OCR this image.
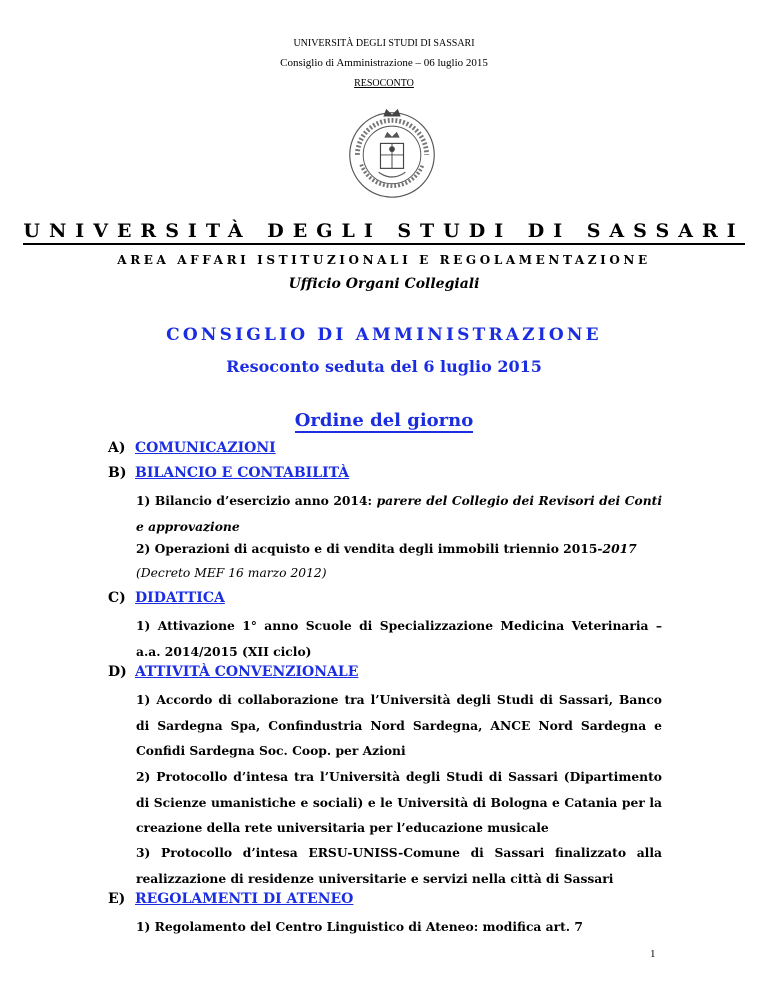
UNIVERSITÀ DEGLI STUDI DI SASSARI
Consiglio di Amministrazione – 06 luglio 2015
RESOCONTO
UNIVERSITÀ DEGLI STUDI DI SASSARI
AREA AFFARI ISTITUZIONALI E REGOLAMENTAZIONE
Ufficio Organi Collegiali
CONSIGLIO DI AMMINISTRAZIONE
Resoconto seduta del 6 luglio 2015
Ordine del giorno
A) COMUNICAZIONI
B) BILANCIO E CONTABILITÀ
1) Bilancio d’esercizio anno 2014: parere del Collegio dei Revisori dei Conti e approvazione
2) Operazioni di acquisto e di vendita degli immobili triennio 2015-2017
(Decreto MEF 16 marzo 2012)
C) DIDATTICA
1) Attivazione 1° anno Scuole di Specializzazione Medicina Veterinaria – a.a. 2014/2015 (XII ciclo)
D) ATTIVITÀ CONVENZIONALE
1) Accordo di collaborazione tra l’Università degli Studi di Sassari, Banco di Sardegna Spa, Confindustria Nord Sardegna, ANCE Nord Sardegna e Confidi Sardegna Soc. Coop. per Azioni
2) Protocollo d’intesa tra l’Università degli Studi di Sassari (Dipartimento di Scienze umanistiche e sociali) e le Università di Bologna e Catania per la creazione della rete universitaria per l’educazione musicale
3) Protocollo d’intesa ERSU-UNISS-Comune di Sassari finalizzato alla realizzazione di residenze universitarie e servizi nella città di Sassari
E) REGOLAMENTI DI ATENEO
1) Regolamento del Centro Linguistico di Ateneo: modifica art. 7
1
